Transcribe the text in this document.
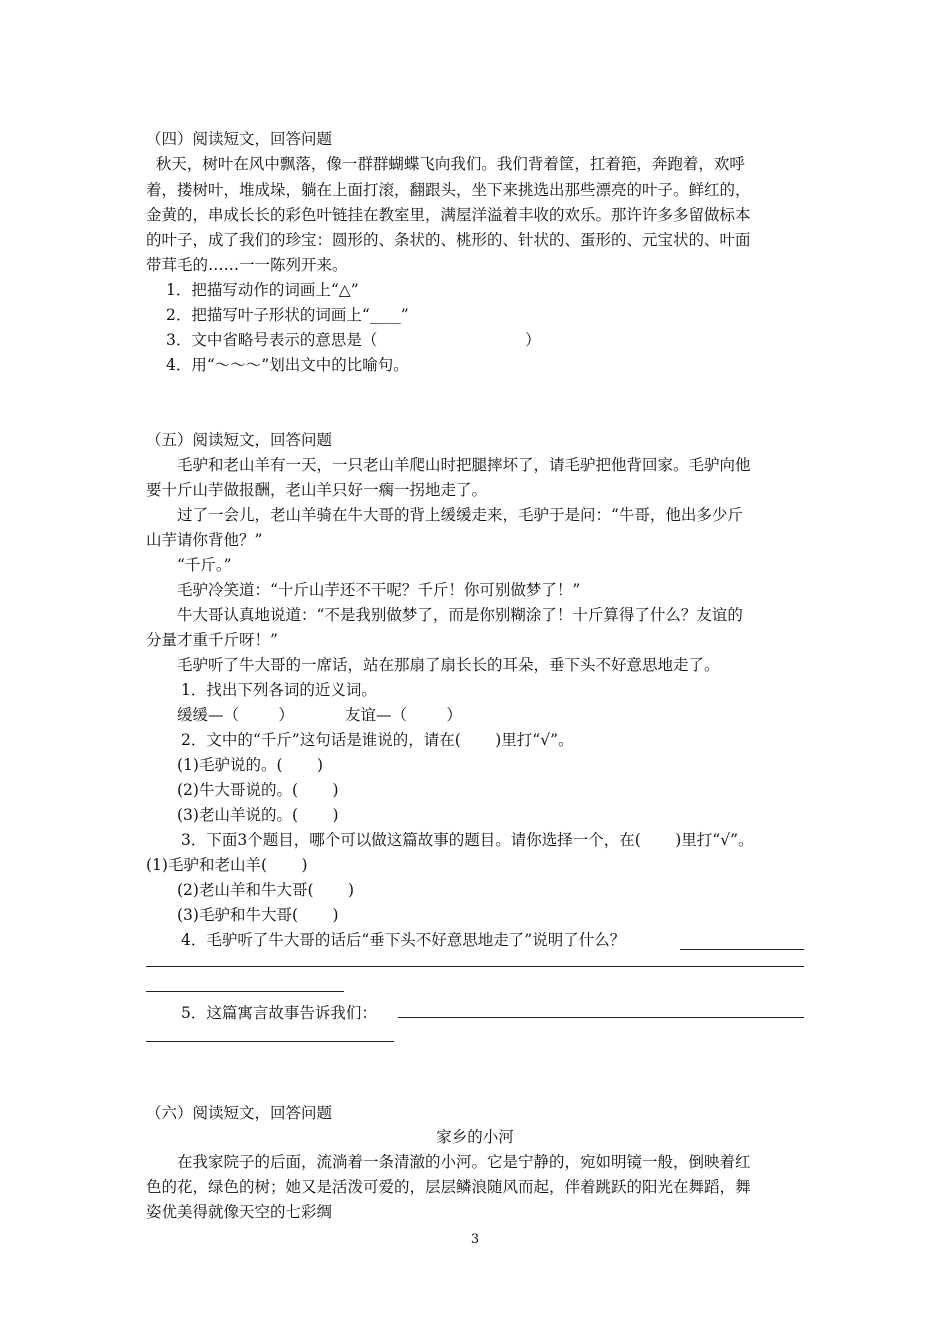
（四）阅读短文，回答问题
秋天，树叶在风中飘落，像一群群蝴蝶飞向我们。我们背着筐，扛着筢，奔跑着，欢呼
着，搂树叶，堆成垛，躺在上面打滚，翻跟头，坐下来挑选出那些漂亮的叶子。鲜红的，
金黄的，串成长长的彩色叶链挂在教室里，满屋洋溢着丰收的欢乐。那许许多多留做标本
的叶子，成了我们的珍宝：圆形的、条状的、桃形的、针状的、蛋形的、元宝状的、叶面
带茸毛的……一一陈列开来。
1．把描写动作的词画上“△”
2．把描写叶子形状的词画上“____”
3．文中省略号表示的意思是（                              ）
4．用“～～～”划出文中的比喻句。
（五）阅读短文，回答问题
毛驴和老山羊有一天，一只老山羊爬山时把腿摔坏了，请毛驴把他背回家。毛驴向他
要十斤山芋做报酬，老山羊只好一瘸一拐地走了。
过了一会儿，老山羊骑在牛大哥的背上缓缓走来，毛驴于是问：“牛哥，他出多少斤
山芋请你背他？”
“千斤。”
毛驴冷笑道：“十斤山芋还不干呢？千斤！你可别做梦了！”
牛大哥认真地说道：“不是我别做梦了，而是你别糊涂了！十斤算得了什么？友谊的
分量才重千斤呀！”
毛驴听了牛大哥的一席话，站在那扇了扇长长的耳朵，垂下头不好意思地走了。
1．找出下列各词的近义词。
缓缓—（        ）	友谊—（        ）
2．文中的“千斤”这句话是谁说的，请在(       )里打“√”。
(1)毛驴说的。(       )
(2)牛大哥说的。(       )
(3)老山羊说的。(       )
3．下面3个题目，哪个可以做这篇故事的题目。请你选择一个，在(       )里打“√”。
(1)毛驴和老山羊(       )
(2)老山羊和牛大哥(       )
(3)毛驴和牛大哥(       )
4．毛驴听了牛大哥的话后“垂下头不好意思地走了”说明了什么？
5．这篇寓言故事告诉我们：
（六）阅读短文，回答问题
家乡的小河
在我家院子的后面，流淌着一条清澈的小河。它是宁静的，宛如明镜一般，倒映着红
色的花，绿色的树；她又是活泼可爱的，层层鳞浪随风而起，伴着跳跃的阳光在舞蹈，舞
姿优美得就像天空的七彩绸
3
